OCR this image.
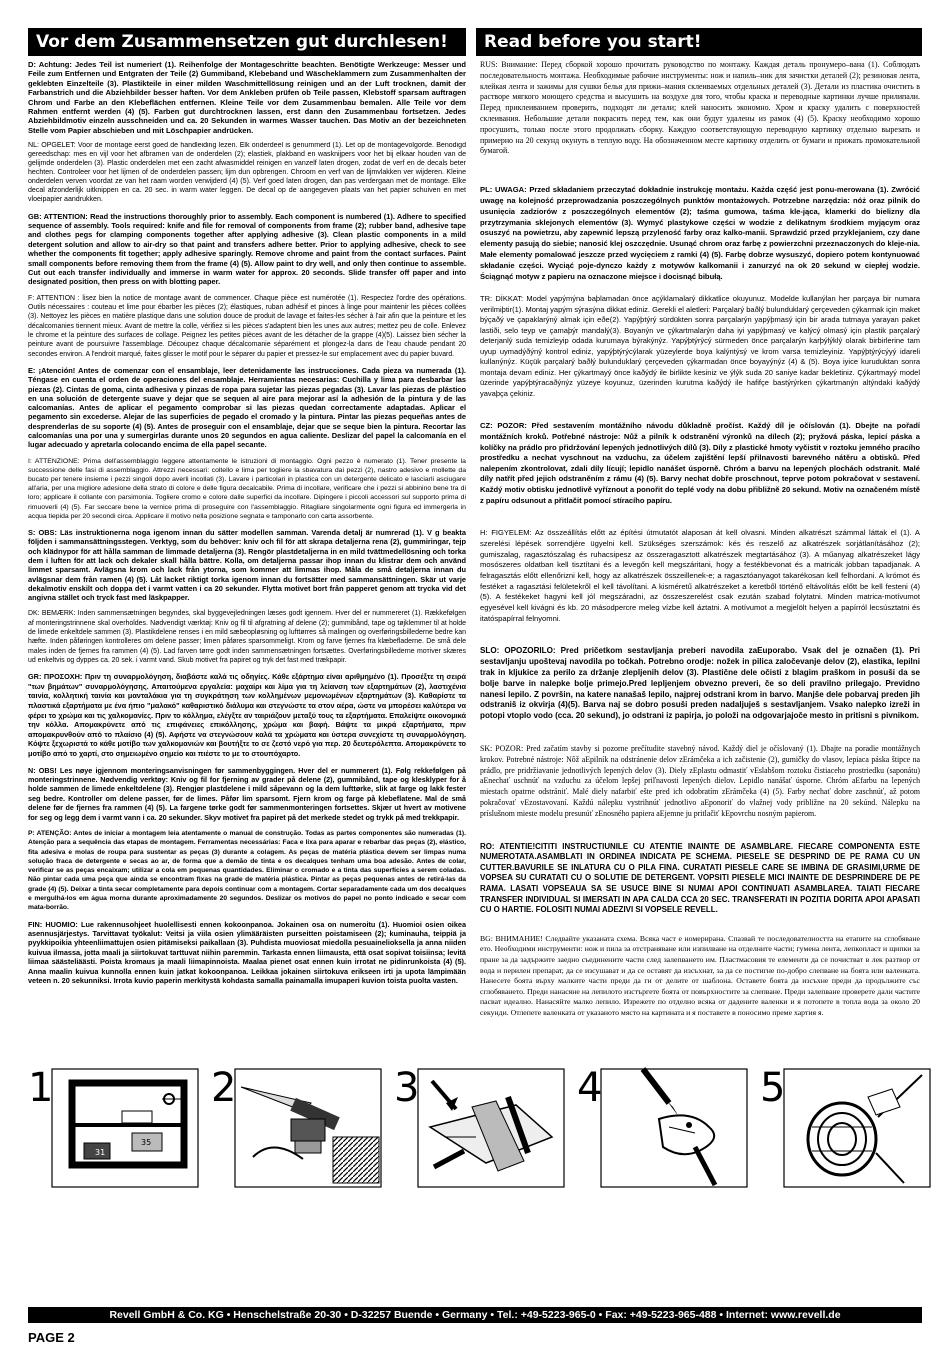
Vor dem Zusammensetzen gut durchlesen!	Read before you start!

D: Achtung: Jedes Teil ist numeriert (1). Reihenfolge der Montageschritte beachten. Benötigte Werkzeuge: Messer und Feile zum Entfernen und Entgraten der Teile (2) Gummiband, Klebeband und Wäscheklammern zum Zusammenhalten der geklebten Einzelteile (3). Plastikteile in einer milden Waschmittellösung reinigen und an der Luft trocknen, damit der Farbanstrich und die Abziehbilder besser haften. Vor dem Ankleben prüfen ob Teile passen, Klebstoff sparsam auftragen Chrom und Farbe an den Klebeflächen entfernen. Kleine Teile vor dem Zusammenbau bemalen. Alle Teile vor dem Rahmen entfernt werden (4) (5). Farben gut durchtrocknen lassen, erst dann den Zusammenbau fortsetzen. Jedes Abziehbildmotiv einzeln ausschneiden und ca. 20 Sekunden in warmes Wasser tauchen. Das Motiv an der bezeichneten Stelle vom Papier abschieben und mit Löschpapier andrücken.

NL: OPGELET: Voor de montage eerst goed de handleiding lezen. Elk onderdeel is genummerd (1). Let op de montagevolgorde. Benodigd gereedschap: mes en vijl voor het afbramen van de onderdelen (2); elastiek, plakband en wasknijpers voor het bij elkaar houden van de gelijmde onderdelen (3). Plastic onderdelen met een zacht afwasmiddel reinigen en vanzelf laten drogen, zodat de verf en de decals beter hechten. Controleer voor het lijmen of de onderdelen passen; lijm dun opbrengen. Chroom en verf van de lijmvlakken ver wijderen. Kleine onderdelen verven voordat ze van het raam worden verwijderd (4) (5). Verf goed laten drogen, dan pas verdergaan met de montage. Elke decal afzonderlijk uitknippen en ca. 20 sec. in warm water leggen. De decal op de aangegeven plaats van het papier schuiven en met vloeipapier aandrukken.

GB: ATTENTION: Read the instructions thoroughly prior to assembly. Each component is numbered (1). Adhere to specified sequence of assembly. Tools required: knife and file for removal of components from frame (2); rubber band, adhesive tape and clothes pegs for clamping components together after applying adhesive (3). Clean plastic components in a mild detergent solution and allow to air-dry so that paint and transfers adhere better. Prior to applying adhesive, check to see whether the components fit together; apply adhesive sparingly. Remove chrome and paint from the contact surfaces. Paint small components before removing them from the frame (4) (5). Allow paint to dry well, and only then continue to assemble. Cut out each transfer individually and immerse in warm water for approx. 20 seconds. Slide transfer off paper and into designated position, then press on with blotting paper.

F: ATTENTION : lisez bien la notice de montage avant de commencer. Chaque pièce est numérotée (1). Respectez l'ordre des opérations. Outils nécessaires : couteau et lime pour ébarber les pièces (2); élastiques, ruban adhésif et pinces à linge pour maintenir les pièces collées (3). Nettoyez les pièces en matière plastique dans une solution douce de produit de lavage et faites-les sécher à l'air afin que la peinture et les décalcomanies tiennent mieux. Avant de mettre la colle, vérifiez si les pièces s'adaptent bien les unes aux autres; mettez peu de colle. Enlevez le chrome et la peinture des surfaces de collage. Peignez les petites pièces avant de les détacher de la grappe (4)(5). Laissez bien sécher la peinture avant de poursuivre l'assemblage. Découpez chaque décalcomanie séparément et plongez-la dans de l'eau chaude pendant 20 secondes environ. A l'endroit marqué, faites glisser le motif pour le séparer du papier et pressez-le sur emplacement avec du papier buvard.

E: ¡Atención! Antes de comenzar con el ensamblaje, leer detenidamente las instrucciones. Cada pieza va numerada (1). Téngase en cuenta el orden de operaciones del ensamblaje. Herramientas necesarias: Cuchilla y lima para desbarbar las piezas (2). Cintas de goma, cinta adhesiva y pinzas de ropa para sujetar las piezas pegadas (3). Lavar las piezas de plástico en una solución de detergente suave y dejar que se sequen al aire para mejorar así la adhesión de la pintura y de las calcomanías. Antes de aplicar el pegamento comprobar si las piezas quedan correctamente adaptadas. Aplicar el pegamento sin excederse. Alejar de las superficies de pegado el cromado y la pintura. Pintar las piezas pequeñas antes de desprenderlas de su soporte (4) (5). Antes de proseguir con el ensamblaje, dejar que se seque bien la pintura. Recortar las calcomanías una por una y sumergirlas durante unos 20 segundos en agua caliente. Deslizar del papel la calcomanía en el lugar adecuado y apretarla colocando encima de ella papel secante.

I: ATTENZIONE: Prima dell'assemblaggio leggere attentamente le istruzioni di montaggio. Ogni pezzo è numerato (1). Tener presente la successione delle fasi di assemblaggio. Attrezzi necessari: coltello e lima per togliere la sbavatura dai pezzi (2), nastro adesivo e mollette da bucato per tenere insieme i pezzi singoli dopo averli incollati (3). Lavare i particolari in plastica con un detergente delicato e lasciarli asciugare all'aria, per una migliore adesione della strato di colore e delle figura decalcabile. Prima di incollare, verificare che i pezzi si abbinino bene tra di loro; applicare il collante con parsimonia. Togliere cromo e colore dalle superfici da incollare. Dipingere i piccoli accessori sul supporto prima di rimuoverli (4) (5). Far seccare bene la vernice prima di proseguire con l'assemblaggio. Ritagliare singolarmente ogni figura ed immergerla in acqua tiepida per 20 secondi circa. Applicare il motivo nella posizione segnata e tamponarlo con carta assorbente.

S: OBS: Läs instruktionerna noga igenom innan du sätter modellen samman. Varenda detalj är numrerad (1). V g beakta följden i sammansättningsstegen. Verktyg, som du behöver: kniv och fil för att skrapa detaljerna rena (2), gummiringar, tejp och klädnypor för att hålla samman de limmade detaljerna (3). Rengör plastdetaljerna in en mild tvättmedellösning och torka dem i luften för att lack och dekaler skall hålla bättre. Kolla, om detaljerna passar ihop innan du klistrar dem och använd limmet sparsamt. Avlägsna krom och lack från ytorna, som kommer att limmas ihop. Måla de små detaljerna innan du avlägsnar dem från ramen (4) (5). Låt lacket riktigt torka igenom innan du fortsätter med sammansättningen. Skär ut varje dekalmotiv enskilt och doppa det i varmt vatten i ca 20 sekunder. Flytta motivet bort från papperet genom att trycka vid det angivna stället och tryck fast med läskpapper.

DK: BEMÆRK: Inden sammensætningen begyndes, skal byggevejledningen læses godt igennem. Hver del er nummereret (1). Rækkefølgen af monteringstrinnene skal overholdes. Nødvendigt værktøj: Kniv og fil til afgratning af delene (2); gummibånd, tape og tøjklemmer til at holde de limede enkeltdele sammen (3). Plastikdelene renses i en mild sæbeopløsning og lufttørres så malingen og overføringsbillederne bedre kan hæfte. Inden påføringen kontrolleres om delene passer; limen påføres sparsommeligt. Krom og farve fjernes fra klæbefladerne. De små dele males inden de fjernes fra rammen (4) (5). Lad farven tørre godt inden sammensætningen fortsættes. Overføringsbillederne mотiver skæres ud enkeltvis og dyppes ca. 20 sek. i varmt vand. Skub motivet fra papiret og tryk det fast med trækpapir.

GR: ΠΡΟΣΟΧΗ: Πριν τη συναρμολόγηση, διαβάστε καλά τις οδηγίες. Κάθε εξάρτημα είναι αριθμημένο (1). Προσέξτε τη σειρά "των βημάτων" συναρμολόγησης. Απαιτούμενα εργαλεία: μαχαίρι και λίμα για τη λείανση των εξαρτημάτων (2), λαστιχένια ταινία, κολλητική ταινία και μανταλάκια για τη συγκράτηση των κολλημένων μεμονωμένων εξαρτημάτων (3). Καθαρίστε τα πλαστικά εξαρτήματα με ένα ήπιο "μαλακό" καθαριστικό διάλυμα και στεγνώστε τα στον αέρα, ώστε να μπορέσει καλύτερα να φέρει το χρώμα και τις χαλκομανίες. Πριν το κόλλημα, ελέγξτε αν ταιριάζουν μεταξύ τους τα εξαρτήματα. Επαλείψτε οικονομικά την κόλλα. Απομακρύνετε από τις επιφάνειες επικόλλησης, χρώμα και βαφή. Βάψτε τα μικρά εξαρτήματα, πριν απομακρυνθούν από το πλαίσιο (4) (5). Αφήστε να στεγνώσουν καλά τα χρώματα και ύστερα συνεχίστε τη συναρμολόγηση. Κόψτε ξεχωριστά το κάθε μοτίβο των χαλκομανιών και βουτήξτε το σε ζεστό νερό για περ. 20 δευτερόλεπτα. Απομακρύνετε το μοτίβο από το χαρτί, στο σημειωμένο σημείο και πιέστε το με το στουπόχαρτο.

N: OBS! Les nøye igjennom monteringsanvisningen før sammenbyggingen. Hver del er nummerert (1). Følg rekkefølgen på monteringstrinnene. Nødvendig verktøy: Kniv og fil for fjerning av grader på delene (2), gummibånd, tape og klesklyper for å holde sammen de limede enkeltdelene (3). Rengjør plastdelene i mild såpevann og la dem lufttørke, slik at farge og lakk fester seg bedre. Kontroller om delene passer, før de limes. Påfør lim sparsomt. Fjern krom og farge på klebeflatene. Mal de små delene før de fjernes fra rammen (4) (5). La fargene tørke godt før sammenmonteringen fortsettes. Skjær ut hvert av motivene for seg og legg dem i varmt vann i ca. 20 sekunder. Skyv motivet fra papiret på det merkede stedet og trykk på med trekkpapir.

P: ATENÇÃO: Antes de iniciar a montagem leia atentamente o manual de construção. Todas as partes componentes são numeradas (1). Atenção para a sequência das etapas de montagem. Ferramentas necessárias: Faca e lixa para aparar e rebarbar das peças (2), elástico, fita adesiva e molas de roupa para sustentar as peças (3) durante a colagem. As peças de matéria plástica devem ser limpas numa solução fraca de detergente e secas ao ar, de forma que a demão de tinta e os decalques tenham uma boa adesão. Antes de colar, verificar se as peças encaixam; utilizar a cola em pequenas quantidades. Eliminar o cromado e a tinta das superfícies a serem coladas. Não pintar cada uma peça que ainda se encontram fixas na grade de matéria plástica. Pintar as peças pequenas antes de retirá-las da grade (4) (5). Deixar a tinta secar completamente para depois continuar com a montagem. Cortar separadamente cada um dos decalques e mergulhá-los em água morna durante aproximadamente 20 segundos. Deslizar os motivos do papel no ponto indicado e secar com mata-borrão.

FIN: HUOMIO: Lue rakennusohjeet huolellisesti ennen kokoonpanoa. Jokainen osa on numeroitu (1). Huomioi osien oikea asennusjärjestys. Tarvittavat työkalut: Veitsi ja viila osien ylimääräisten purseitten poistamiseen (2); kuminauha, teippiä ja pyykkipoikia yhteenliimattujen osien pitämiseksi paikallaan (3). Puhdista muoviosat miedolla pesuainelioksella ja anna niiden kuivua ilmassa, jotta maali ja siirtokuvat tarttuvat niihin paremmin. Tarkasta ennen liimausta, että osat sopivat toisiinsa; levitä liimaa säästeliäästi. Poista kromaus ja maali liimapinnoista. Maalaa pienet osat ennen kuin irrotat ne pidinrunkoista (4) (5). Anna maalin kuivua kunnolla ennen kuin jatkat kokoonpanoa. Leikkaa jokainen siirtokuva erikseen irti ja upota lämpimään veteen n. 20 sekunniksi. Irrota kuvio paperin merkitystä kohdasta samalla painamalla imupaperi kuvion toista puolta vasten.

RUS: Внимание: Перед сборкой хорошо прочитать руководство по монтажу. Каждая деталь пронумеро–вана (1). Соблюдать последовательность монтажа. Необходимые рабочие инструменты: нож и напиль–ник для зачистки деталей (2); резиновая лента, клейкая лента и зажимы для сушки белья для прижи–мания склеиваемых отдельных деталей (3). Детали из пластика очистить в растворе мягкого моющего средства и высушить на воздухе для того, чтобы краска и переводные картинки лучше прилипали. Перед приклеиванием проверить, подходят ли детали; клей наносить экономно. Хром и краску удалить с поверхностей склеивания. Небольшие детали покрасить перед тем, как они будут удалены из рамок (4) (5). Краску необходимо хорошо просушить, только после этого продолжать сборку. Каждую соответствующую переводную картинку отдельно вырезать и примерно на 20 секунд окунуть в теплую воду. На обозначенном месте картинку отделить от бумаги и прижать промокательной бумагой.

PL: UWAGA: Przed składaniem przeczytać dokładnie instrukcję montażu. Każda część jest ponu-merowana (1). Zwrócić uwagę na kolejność przeprowadzania poszczególnych punktów montażowych. Potrzebne narzędzia: nóż oraz pilnik do usunięcia zadziorów z poszczególnych elementów (2); taśma gumowa, taśma kle-jąca, klamerki do bielizny dla przytrzymania sklejonych elementów (3). Wymyć plastykowe części w wodzie z delikatnym środkiem myjącym oraz osuszyć na powietrzu, aby zapewnić lepszą przyleność farby oraz kalko-manii. Sprawdzić przed przyklejaniem, czy dane elementy pasują do siebie; nanosić klej oszczędnie. Usunąć chrom oraz farbę z powierzchni przeznaczonych do kleje-nia. Małe elementy pomalować jeszcze przed wycięciem z ramki (4) (5). Farbę dobrze wysuszyć, dopiero potem kontynuować składanie części. Wyciąć poje-dynczo każdy z motywów kalkomanii i zanurzyć na ok 20 sekund w ciepłej wodzie. Ściągnąć motyw z papieru na oznaczone miejsce i docisnąć bibułą.

TR: DİKKAT: Model yapýmýna baþlamadan önce açýklamalarý dikkatlice okuyunuz. Modelde kullanýlan her parçaya bir numara verilmiþtir(1). Montaj yapým sýrasýna dikkat ediniz. Gerekli el aletleri: Parçalarý baðlý bulunduklarý çerçeveden çýkarmak için maket býçaðý ve çapaklarýný almak için eðe(2). Yapýþtýrý sürdükten sonra parçalarýn yapýþmasý için bir arada tutmaya yarayan paket lastiði, selo teyp ve çamaþýr mandalý(3). Boyanýn ve çýkartmalarýn daha iyi yapýþmasý ve kalýcý olmasý için plastik parçalarý deterjanlý suda temizleyip odada kurumaya býrakýnýz. Yapýþtýrýcý sürmeden önce parçalarýn karþýlýklý olarak birbirlerine tam uyup uymadýðýný kontrol ediniz, yapýþtýrýcýlarak yüzeylerde boya kalýntýsý ve krom varsa temizleyiniz. Yapýþtýrýcýyý idareli kullanýnýz. Küçük parçalarý baðlý bulunduklarý çerçeveden çýkarmadan önce boyayýnýz (4) & (5). Boya iyice kuruduktan sonra montaja devam ediniz. Her çýkartmayý önce kaðýdý ile birlikte kesiniz ve ýlýk suda 20 saniye kadar bekletiniz. Çýkartmayý model üzerinde yapýþtýracaðýnýz yüzeye koyunuz, üzerinden kurutma kaðýdý ile hafifçe bastýrýrken çýkartmanýn altýndaki kaðýdý yavaþça çekiniz.

CZ: POZOR: Před sestavením montážního návodu důkladně pročíst. Každý díl je očíslován (1). Dbejte na pořadí montážních kroků. Potřebné nástroje: Nůž a pilník k odstranění výronků na dílech (2); pryžová páska, lepicí páska a kolíčky na prádlo pro přidržování lepených jednotlivých dílů (3). Díly z plastické hmoty vyčistit v roztoku jemného pracího prostředku a nechat vyschnout na vzduchu, za účelem zajištění lepší přilnavosti barevného nátěru a obtisků. Před nalepením zkontrolovat, zdali díly lícují; lepidlo nanášet úsporně. Chróm a barvu na lepených plochách odstranit. Malé díly natřít před jejich odstraněním z rámu (4) (5). Barvy nechat dobře proschnout, teprve potom pokračovat v sestavení. Každý motiv obtisku jednotlivě vyříznout a ponořit do teplé vody na dobu přibližně 20 sekund. Motiv na označeném místě z papíru odsunout a přitlačit pomocí stíracího papíru.

H: FIGYELEM: Az összeállítás előtt az építési útmutatót alaposan át kell olvasni. Minden alkatrészt számmal láttak el (1). A szerelési lépések sorrendjére ügyelni kell. Szükséges szerszámok: kés és reszelő az alkatrészek sorjátlanításához (2); gumiszalag, ragasztószalag és ruhacsipesz az összeragasztott alkatrészek megtartásához (3). A műanyag alkatrészeket lágy mosószeres oldatban kell tisztítani és a levegőn kell megszáritani, hogy a festékbevonat és a matricák jobban tapadjanak. A felragasztás előtt ellenőrizni kell, hogy az alkatrészek összeillenek-e; a ragasztóanyagot takarékosan kell felhordani. A krómot és festéket a ragasztási felületekről el kell távolítani. A kisméretű alkatrészeket a keretből történő eltávolítás előtt be kell festeni (4) (5). A festékeket hagyni kell jól megszáradni, az összeszerelést csak ezután szabad folytatni. Minden matrica-motívumot egyesével kell kivágni és kb. 20 másodpercre meleg vízbe kell áztatni. A motívumot a megjelölt helyen a papírról lecsúsztatni és itatóspapírral felnyomni.

SLO: OPOZORILO: Pred pričetkom sestavljanja preberi navodila zaЕuporabo. Vsak del je označen (1). Pri sestavljanju upoštevaj navodila po točkah. Potrebno orodje: nožek in pilica zaločevanje delov (2), elastika, lepilni trak in kljukice za perilo za držanje zlepljenih delov (3). Plastične dele očisti z blagim praškom in posuši da se bolje barve in nalepke bolje primejo.Pred lepljenjem obvezno preveri, če so deli pravilno prilegajo. Previdno nanesi lepilo. Z površin, na katere nanašaš lepilo, najprej odstrani krom in barvo. Manjše dele pobarvaj preden jih odstraniš iz okvirja (4)(5). Barva naj se dobro posuši preden nadaljuješ s sestavljanjem. Vsako nalepko izreži in potopi vtoplo vodo (cca. 20 sekund), jo odstrani iz papirja, jo položi na odgovarjajoče mesto in pritisni s pivnikom.

SK: POZOR: Pred začatím stavby si pozorne prečítudite stavebný návod. Každý diel je očíslovaný (1). Dbajte na poradie montážnych krokov. Potrebné nástroje: Nôž aЕpilník na odstránenie delov zЕrámčeka a ich začistenie (2), gumičky do vlasov, lepiaca páska štipce na prádlo, pre pridržiavanie jednotlivých lepených delov (3). Diely zЕplastu odmastiť vЕslabšom roztoku čistiaceho prostriedku (saponátu) aЕnechať uschnúť na vzduchu za účelom lepšej priľnavosti lepených dielov. Lepidlo nanášať úsporne. Chróm aЕfarbu na lepených miestach opatrne odstrániť. Malé diely nafarbiť ešte pred ich odobratím zЕrámčeka (4) (5). Farby nechať dobre zaschnúť, až potom pokračovať vЕzostavovaní. Každú nálepku vystrihnúť jednotlivo aЕponoriť do vlažnej vody približne na 20 sekúnd. Nálepku na príslušnom mieste modelu presunúť zЕnosného papiera aЕjemne ju pritlačiť kЕpovrchu nosným papierom.

RO: ATENTIE!CITITI INSTRUCTIUNILE CU ATENTIE INAINTE DE ASAMBLARE. FIECARE COMPONENTA ESTE NUMEROTATA.ASAMBLATI IN ORDINEA INDICATA PE SCHEMA. PIESELE SE DESPRIND DE PE RAMA CU UN CUTTER.BAVURILE SE INLATURA CU O PILA FINA. CURATATI PIESELE CARE SE IMBINA DE GRASIMI,URME DE VOPSEA SU CURATATI CU O SOLUTIE DE DETERGENT. VOPSITI PIESELE MICI INAINTE DE DESPRINDERE DE PE RAMA. LASATI VOPSEAUA SA SE USUCE BINE SI NUMAI APOI CONTINUATI ASAMBLAREA. TAIATI FIECARE TRANSFER INDIVIDUAL SI IMERSATI IN APA CALDA CCA 20 SEC. TRANSFERATI IN POZITIA DORITA APOI APASATI CU O HARTIE. FOLOSITI NUMAI ADEZIVI SI VOPSELE REVELL.

BG: ВНИМАНИЕ! Следвайте указаната схема. Всяка част е номерирана. Спазвай те последователността на етапите на сглобяване ето. Необходими инструменти: нож и пила за отстраняване или изпилване на отделните части; гумена лента, лепкоплаcт и щипки за пране за да задържите заедно съединените части след залепването им. Пластмасовия те елементи да се почистват в лек разтвор от вода и перилен препарат, да се изсушават и да се оставят да изсъхнат, за да се постигне по-добро слепване на боята или валенката. Нанесете боята върху малките части преди да ги от делите от шаблона. Оставете боята да изсъхне преди да продължите със сглобяването. Преди нанасяне на лепилото изстъргете боята от повърхностите за слепване. Преди залепване проверете дали частите пасват идеално. Нанасяйте малко лепило. Изрежете по отделно всяка от дадените валенки и я потопете в топла вода за около 20 секунди. Отлепете валенката от указаното място на картината и я поставете в поносимо преме хартия я.

1
31
35
2	3	4	5
Revell GmbH & Co. KG • Henschelstraße 20-30 • D-32257 Buende • Germany • Tel.: +49-5223-965-0 • Fax: +49-5223-965-488 • Internet: www.revell.de
PAGE 2
